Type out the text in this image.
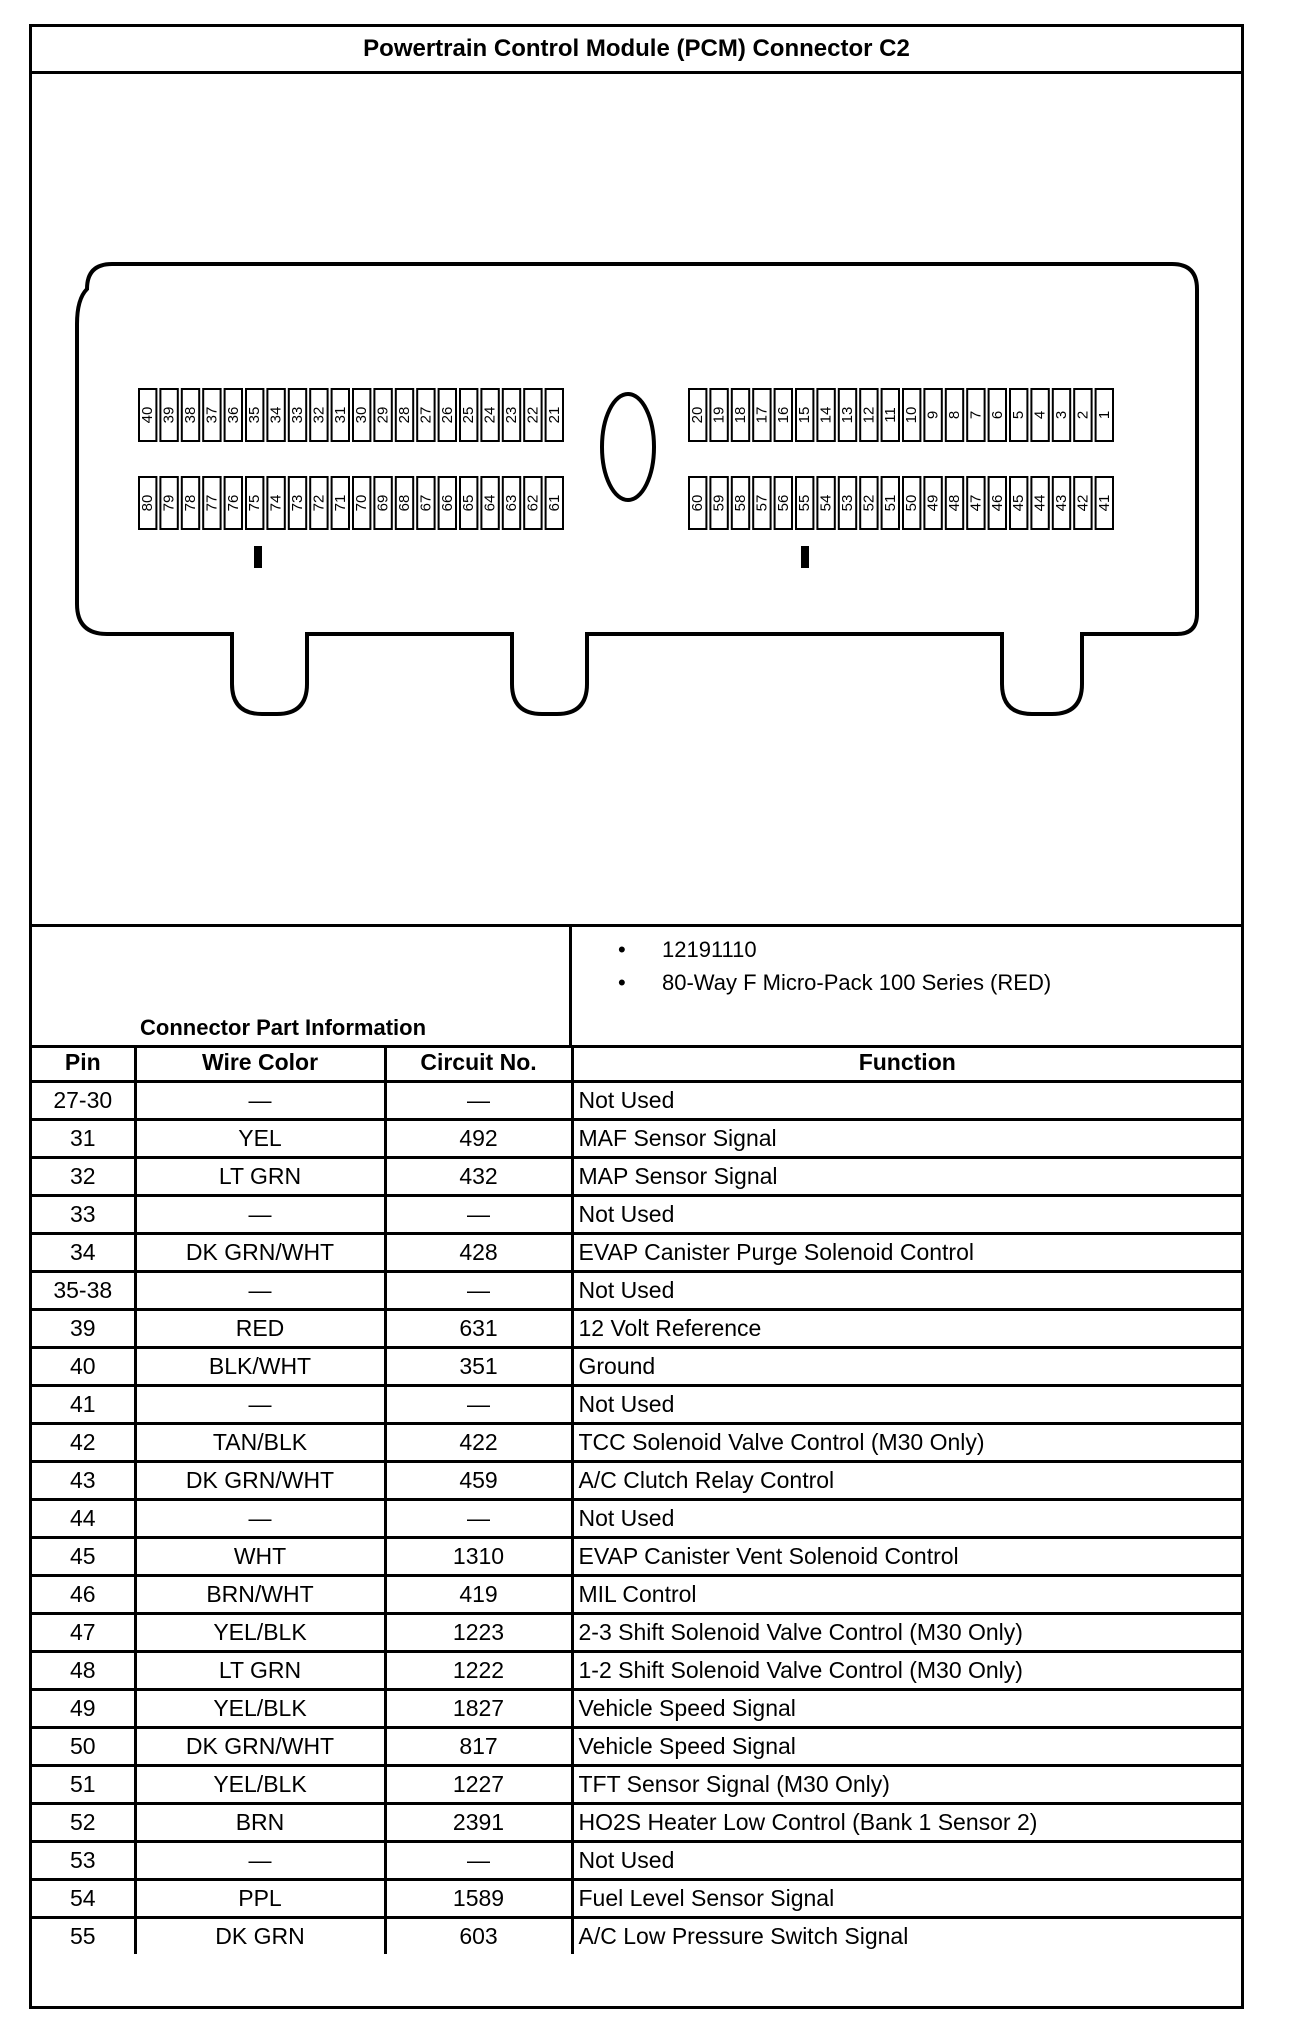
Powertrain Control Module (PCM) Connector C2
40 39 38 37 36 35 34 33 32 31 30 29 28 27 26 25 24 23 22 21
80 79 78 77 76 75 74 73 72 71 70 69 68 67 66 65 64 63 62 61
20 19 18 17 16 15 14 13 12 11 10 9 8 7 6 5 4 3 2 1
60 59 58 57 56 55 54 53 52 51 50 49 48 47 46 45 44 43 42 41
Connector Part Information
• 12191110
• 80-Way F Micro-Pack 100 Series (RED)
Pin	Wire Color	Circuit No.	Function
27-30	—	—	Not Used
31	YEL	492	MAF Sensor Signal
32	LT GRN	432	MAP Sensor Signal
33	—	—	Not Used
34	DK GRN/WHT	428	EVAP Canister Purge Solenoid Control
35-38	—	—	Not Used
39	RED	631	12 Volt Reference
40	BLK/WHT	351	Ground
41	—	—	Not Used
42	TAN/BLK	422	TCC Solenoid Valve Control (M30 Only)
43	DK GRN/WHT	459	A/C Clutch Relay Control
44	—	—	Not Used
45	WHT	1310	EVAP Canister Vent Solenoid Control
46	BRN/WHT	419	MIL Control
47	YEL/BLK	1223	2-3 Shift Solenoid Valve Control (M30 Only)
48	LT GRN	1222	1-2 Shift Solenoid Valve Control (M30 Only)
49	YEL/BLK	1827	Vehicle Speed Signal
50	DK GRN/WHT	817	Vehicle Speed Signal
51	YEL/BLK	1227	TFT Sensor Signal (M30 Only)
52	BRN	2391	HO2S Heater Low Control (Bank 1 Sensor 2)
53	—	—	Not Used
54	PPL	1589	Fuel Level Sensor Signal
55	DK GRN	603	A/C Low Pressure Switch Signal
